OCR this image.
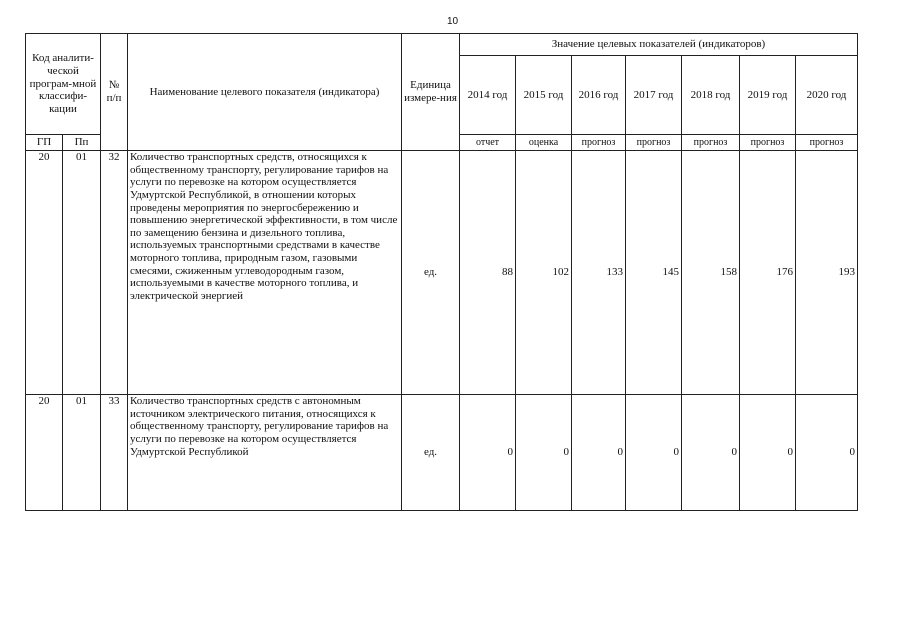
10
Код аналити-ческой програм-мной классифи-кации		№ п/п	Наименование целевого показателя (индикатора)	Единица измере-ния	Значение целевых показателей (индикаторов)						
					2014 год	2015 год	2016 год	2017 год	2018 год	2019 год	2020 год
ГП	Пп				отчет	оценка	прогноз	прогноз	прогноз	прогноз	прогноз
20	01	32	Количество транспортных средств, относящихся к общественному транспорту, регулирование тарифов на услуги по перевозке на котором осуществляется Удмуртской Республикой, в отношении которых проведены мероприятия по энергосбережению и повышению энергетической эффективности, в том числе по замещению бензина и дизельного топлива, используемых транспортными средствами в качестве моторного топлива, природным газом, газовыми смесями, сжиженным углеводородным газом, используемыми в качестве моторного топлива, и электрической энергией	ед.	88	102	133	145	158	176	193
20	01	33	Количество транспортных средств с автономным источником электрического питания, относящихся к общественному транспорту, регулирование тарифов на услуги по перевозке на котором осуществляется Удмуртской Республикой	ед.	0	0	0	0	0	0	0
